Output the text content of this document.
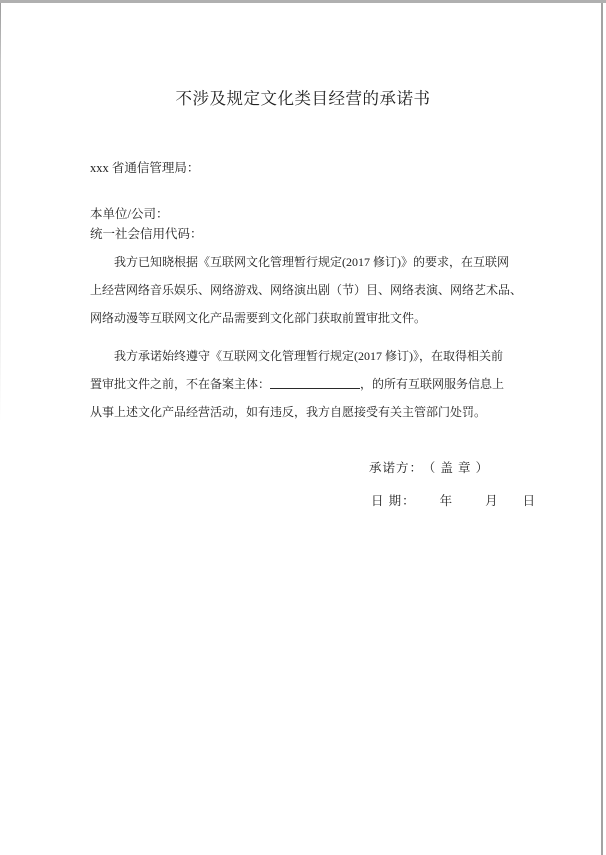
不涉及规定文化类目经营的承诺书
xxx 省通信管理局：
本单位/公司：
统一社会信用代码：
我方已知晓根据《互联网文化管理暂行规定(2017 修订)》的要求，在互联网
上经营网络音乐娱乐、网络游戏、网络演出剧（节）目、网络表演、网络艺术品、
网络动漫等互联网文化产品需要到文化部门获取前置审批文件。
我方承诺始终遵守《互联网文化管理暂行规定(2017 修订)》，在取得相关前
置审批文件之前，不在备案主体：	，的所有互联网服务信息上
从事上述文化产品经营活动，如有违反，我方自愿接受有关主管部门处罚。
承诺方： （ 盖 章 ）
日 期： 年	月 日
